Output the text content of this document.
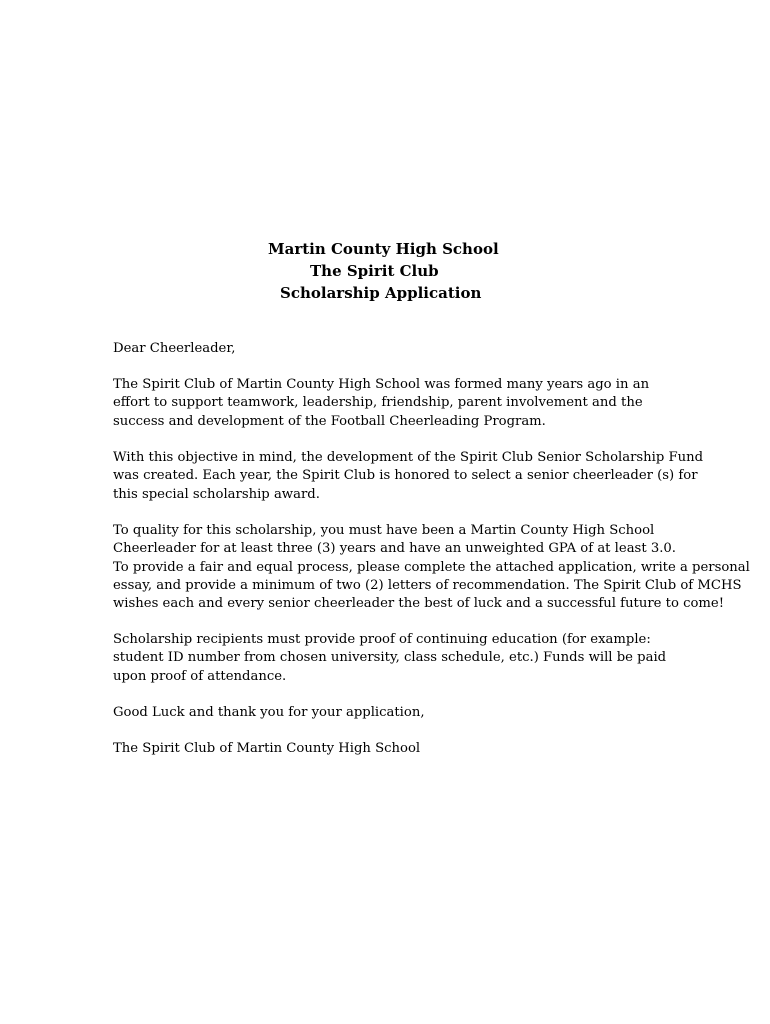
Martin County High School
The Spirit Club
Scholarship Application
Dear Cheerleader,
The Spirit Club of Martin County High School was formed many years ago in an
effort to support teamwork, leadership, friendship, parent involvement and the
success and development of the Football Cheerleading Program.
With this objective in mind, the development of the Spirit Club Senior Scholarship Fund
was created. Each year, the Spirit Club is honored to select a senior cheerleader (s) for
this special scholarship award.
To quality for this scholarship, you must have been a Martin County High School
Cheerleader for at least three (3) years and have an unweighted GPA of at least 3.0.
To provide a fair and equal process, please complete the attached application, write a personal
essay, and provide a minimum of two (2) letters of recommendation. The Spirit Club of MCHS
wishes each and every senior cheerleader the best of luck and a successful future to come!
Scholarship recipients must provide proof of continuing education (for example:
student ID number from chosen university, class schedule, etc.) Funds will be paid
upon proof of attendance.
Good Luck and thank you for your application,
The Spirit Club of Martin County High School
